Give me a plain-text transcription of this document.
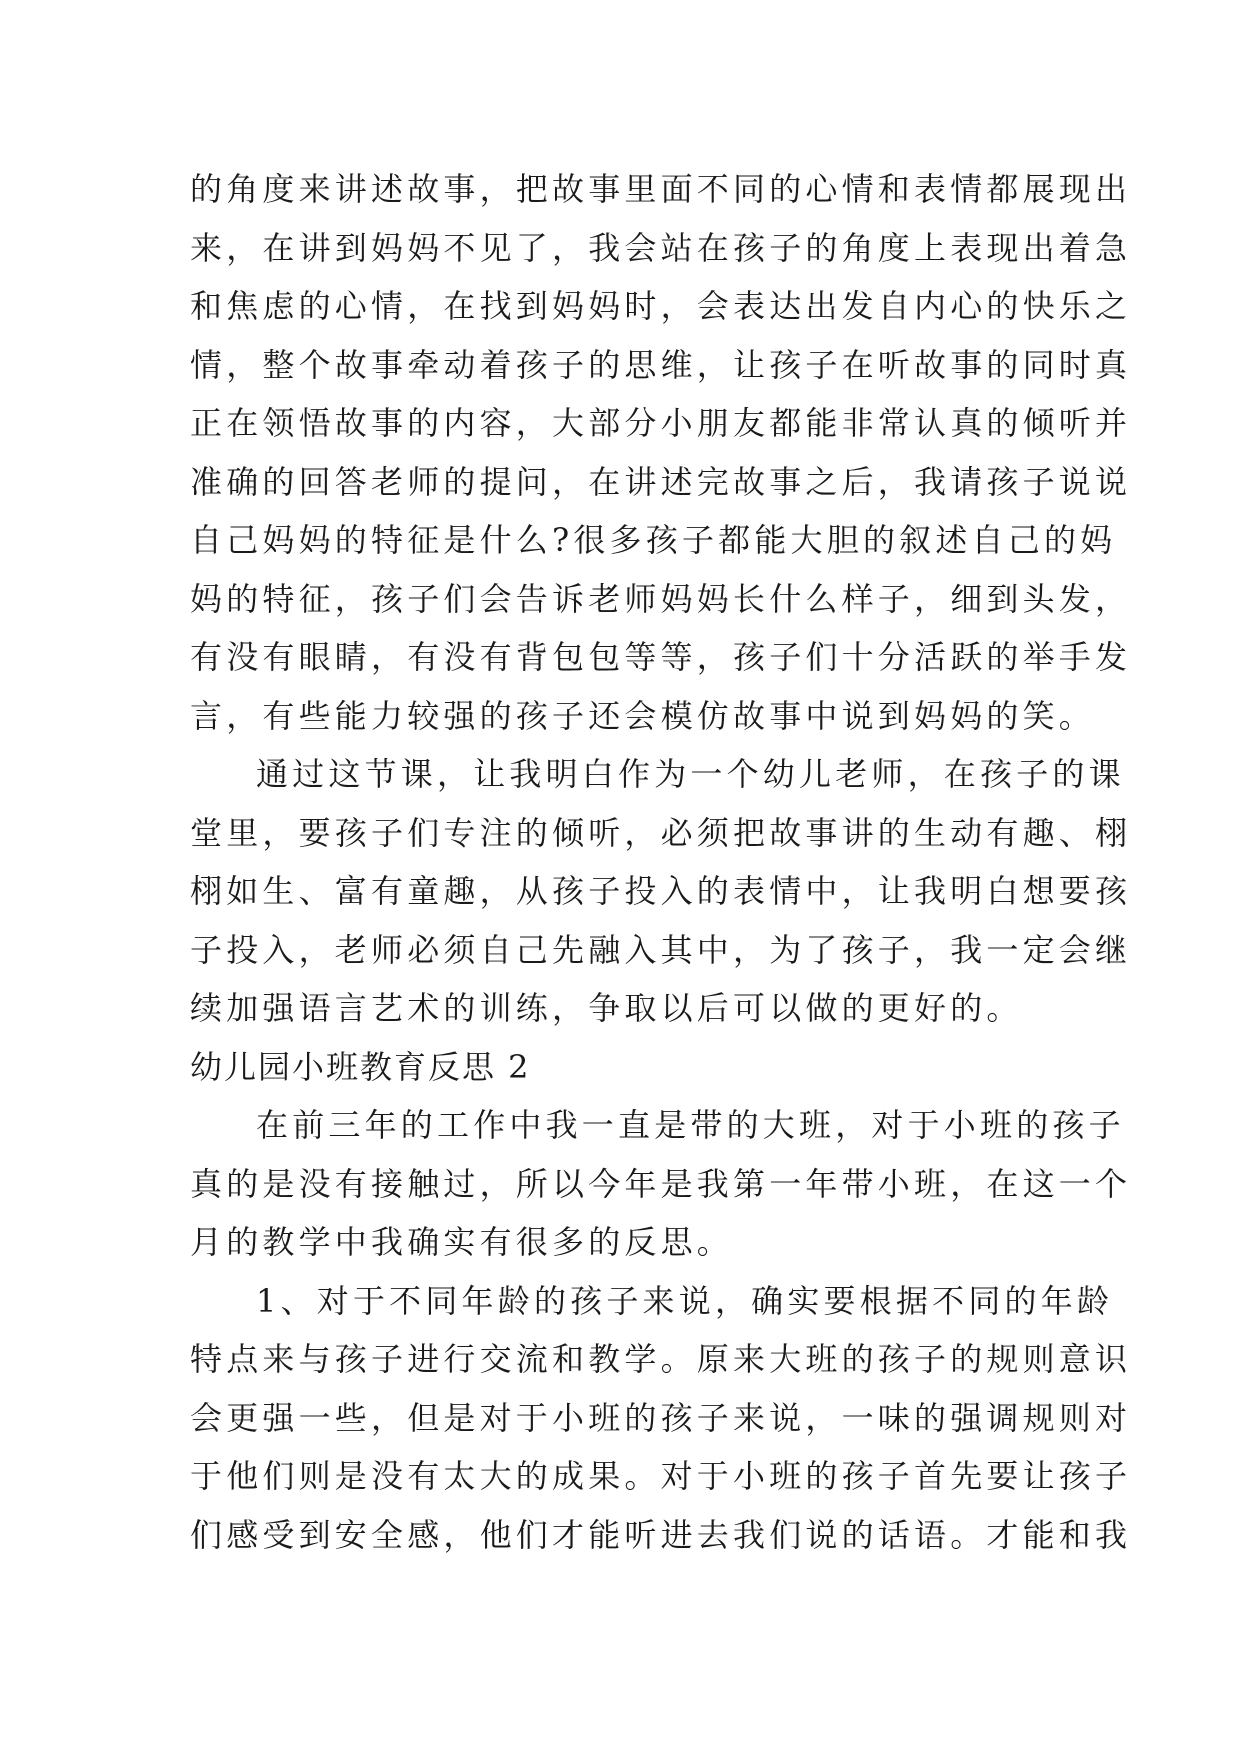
的角度来讲述故事，把故事里面不同的心情和表情都展现出
来，在讲到妈妈不见了，我会站在孩子的角度上表现出着急
和焦虑的心情，在找到妈妈时，会表达出发自内心的快乐之
情，整个故事牵动着孩子的思维，让孩子在听故事的同时真
正在领悟故事的内容，大部分小朋友都能非常认真的倾听并
准确的回答老师的提问，在讲述完故事之后，我请孩子说说
自己妈妈的特征是什么?很多孩子都能大胆的叙述自己的妈
妈的特征，孩子们会告诉老师妈妈长什么样子，细到头发，
有没有眼睛，有没有背包包等等，孩子们十分活跃的举手发
言，有些能力较强的孩子还会模仿故事中说到妈妈的笑。
通过这节课，让我明白作为一个幼儿老师，在孩子的课
堂里，要孩子们专注的倾听，必须把故事讲的生动有趣、栩
栩如生、富有童趣，从孩子投入的表情中，让我明白想要孩
子投入，老师必须自己先融入其中，为了孩子，我一定会继
续加强语言艺术的训练，争取以后可以做的更好的。
幼儿园小班教育反思 2
在前三年的工作中我一直是带的大班，对于小班的孩子
真的是没有接触过，所以今年是我第一年带小班，在这一个
月的教学中我确实有很多的反思。
1、对于不同年龄的孩子来说，确实要根据不同的年龄
特点来与孩子进行交流和教学。原来大班的孩子的规则意识
会更强一些，但是对于小班的孩子来说，一味的强调规则对
于他们则是没有太大的成果。对于小班的孩子首先要让孩子
们感受到安全感，他们才能听进去我们说的话语。才能和我
